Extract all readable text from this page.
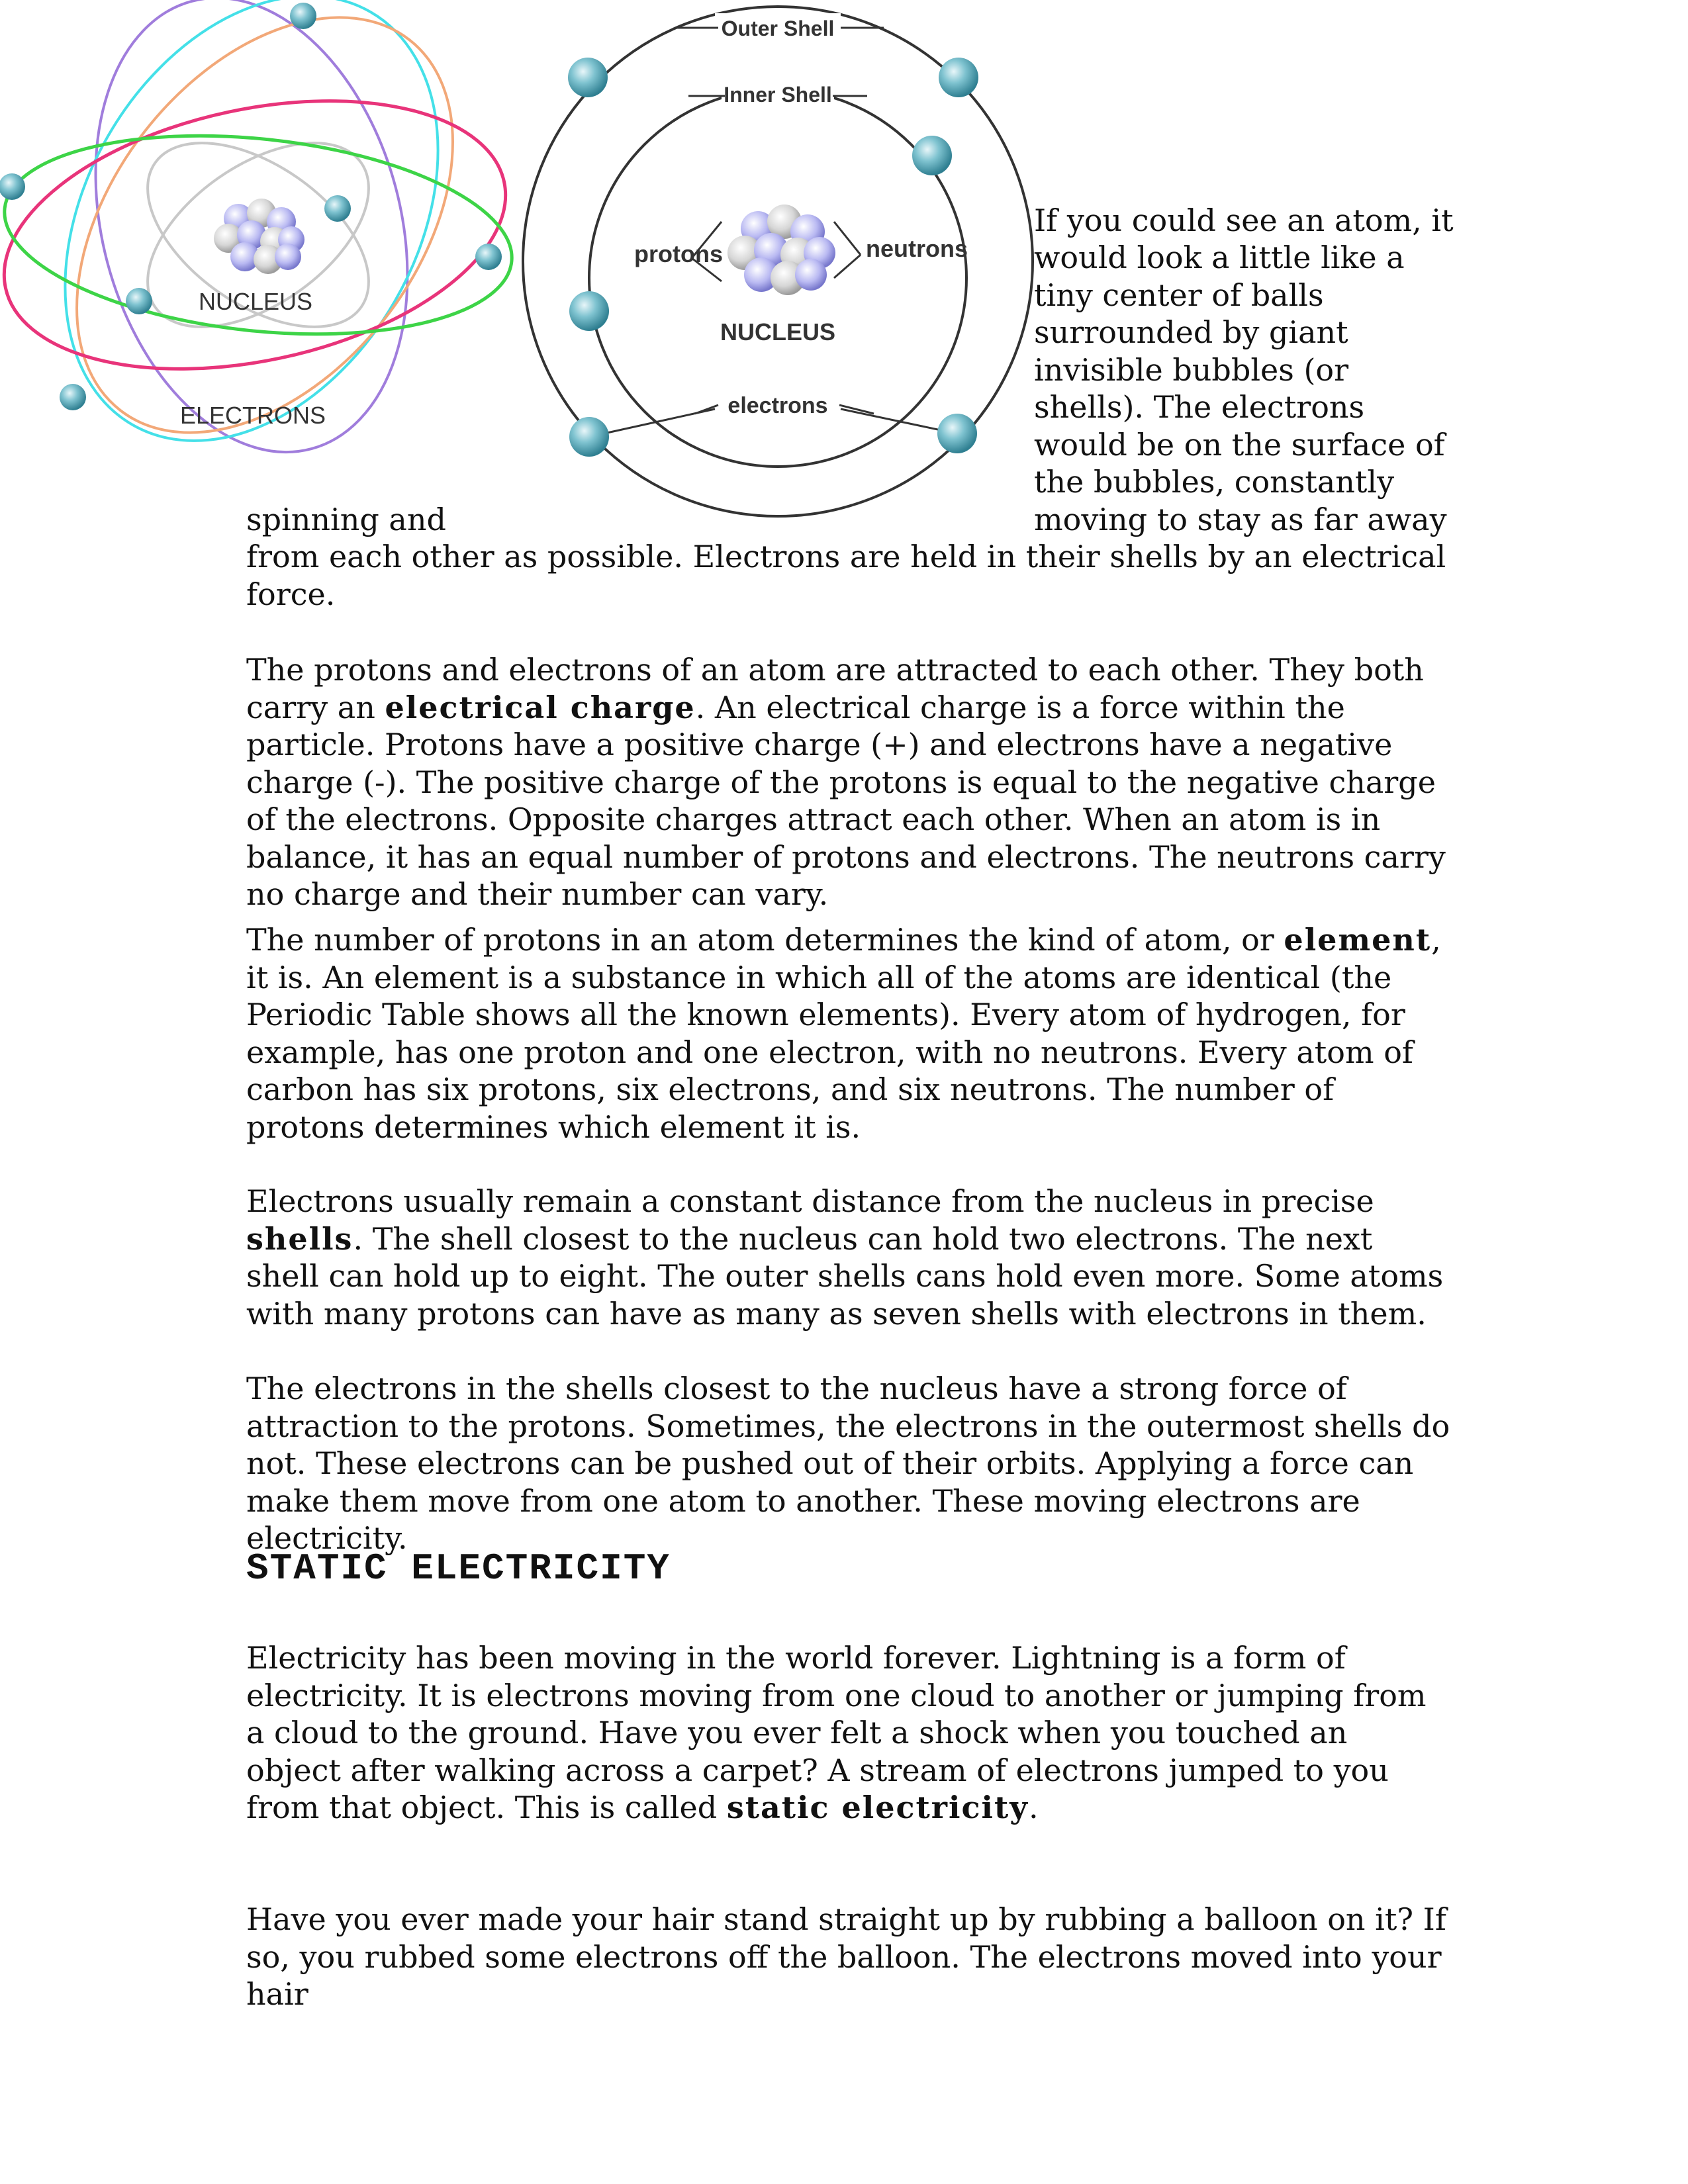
NUCLEUS
ELECTRONS
Outer Shell
Inner Shell
protons	neutrons
NUCLEUS
electrons

If you could see an atom, it

would look a little like a

tiny center of balls

surrounded by giant

invisible bubbles (or

shells). The electrons

would be on the surface of

the bubbles, constantly

spinning and	moving to stay as far away

from each other as possible. Electrons are held in their shells by an electrical

force.

The protons and electrons of an atom are attracted to each other. They both carry an electrical charge. An electrical charge is a force within the particle. Protons have a positive charge (+) and electrons have a negative charge (-). The positive charge of the protons is equal to the negative charge of the electrons. Opposite charges attract each other. When an atom is in balance, it has an equal number of protons and electrons. The neutrons carry no charge and their number can vary.

The number of protons in an atom determines the kind of atom, or element, it is. An element is a substance in which all of the atoms are identical (the Periodic Table shows all the known elements). Every atom of hydrogen, for example, has one proton and one electron, with no neutrons. Every atom of carbon has six protons, six electrons, and six neutrons. The number of protons determines which element it is.

Electrons usually remain a constant distance from the nucleus in precise shells. The shell closest to the nucleus can hold two electrons. The next shell can hold up to eight. The outer shells cans hold even more. Some atoms with many protons can have as many as seven shells with electrons in them.

The electrons in the shells closest to the nucleus have a strong force of attraction to the protons. Sometimes, the electrons in the outermost shells do not. These electrons can be pushed out of their orbits. Applying a force can make them move from one atom to another. These moving electrons are electricity.

STATIC ELECTRICITY

Electricity has been moving in the world forever. Lightning is a form of electricity. It is electrons moving from one cloud to another or jumping from a cloud to the ground. Have you ever felt a shock when you touched an object after walking across a carpet? A stream of electrons jumped to you from that object. This is called static electricity.

Have you ever made your hair stand straight up by rubbing a balloon on it? If so, you rubbed some electrons off the balloon. The electrons moved into your hair
